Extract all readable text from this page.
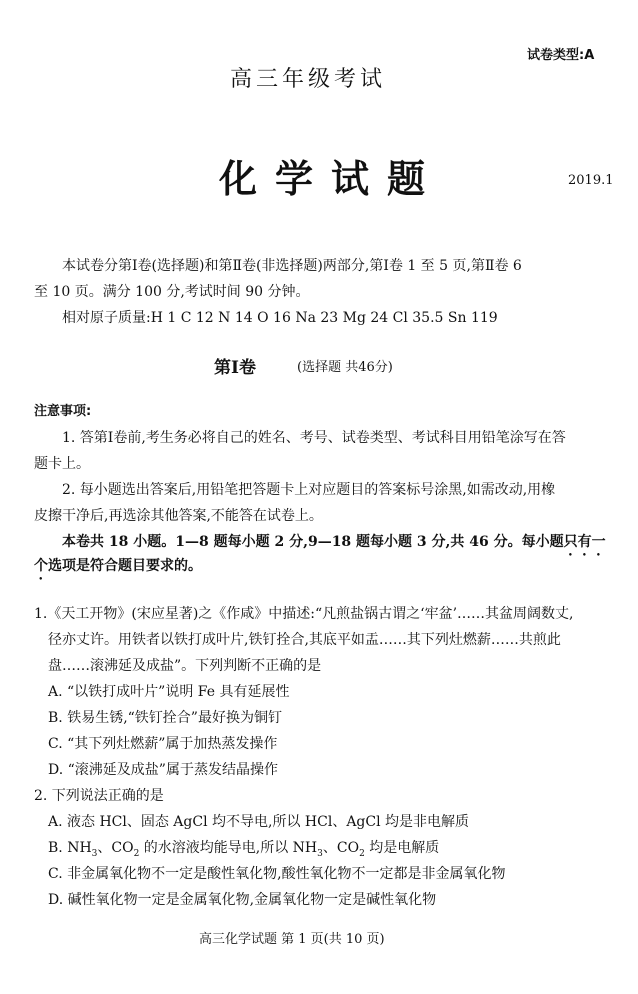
试卷类型:A
高三年级考试
化学试题	2019.1
本试卷分第Ⅰ卷(选择题)和第Ⅱ卷(非选择题)两部分,第Ⅰ卷 1 至 5 页,第Ⅱ卷 6
至 10 页。满分 100 分,考试时间 90 分钟。
相对原子质量:H 1 C 12 N 14 O 16 Na 23 Mg 24 Cl 35.5 Sn 119
第Ⅰ卷	(选择题 共46分)
注意事项:
1. 答第Ⅰ卷前,考生务必将自己的姓名、考号、试卷类型、考试科目用铅笔涂写在答
题卡上。
2. 每小题选出答案后,用铅笔把答题卡上对应题目的答案标号涂黑,如需改动,用橡
皮擦干净后,再选涂其他答案,不能答在试卷上。
本卷共 18 小题。1—8 题每小题 2 分,9—18 题每小题 3 分,共 46 分。每小题只有一
个选项是符合题目要求的。
1.《天工开物》(宋应星著)之《作咸》中描述:“凡煎盐锅古谓之‘牢盆’……其盆周阔数丈,
径亦丈许。用铁者以铁打成叶片,铁钉拴合,其底平如盂……其下列灶燃薪……共煎此
盘……滚沸延及成盐”。下列判断不正确的是
A. “以铁打成叶片”说明 Fe 具有延展性
B. 铁易生锈,“铁钉拴合”最好换为铜钉
C. “其下列灶燃薪”属于加热蒸发操作
D. “滚沸延及成盐”属于蒸发结晶操作
2. 下列说法正确的是
A. 液态 HCl、固态 AgCl 均不导电,所以 HCl、AgCl 均是非电解质
B. $NH_3$、$CO_2$ 的水溶液均能导电,所以 $NH_3$、$CO_2$ 均是电解质
C. 非金属氧化物不一定是酸性氧化物,酸性氧化物不一定都是非金属氧化物
D. 碱性氧化物一定是金属氧化物,金属氧化物一定是碱性氧化物
高三化学试题 第 1 页(共 10 页)
